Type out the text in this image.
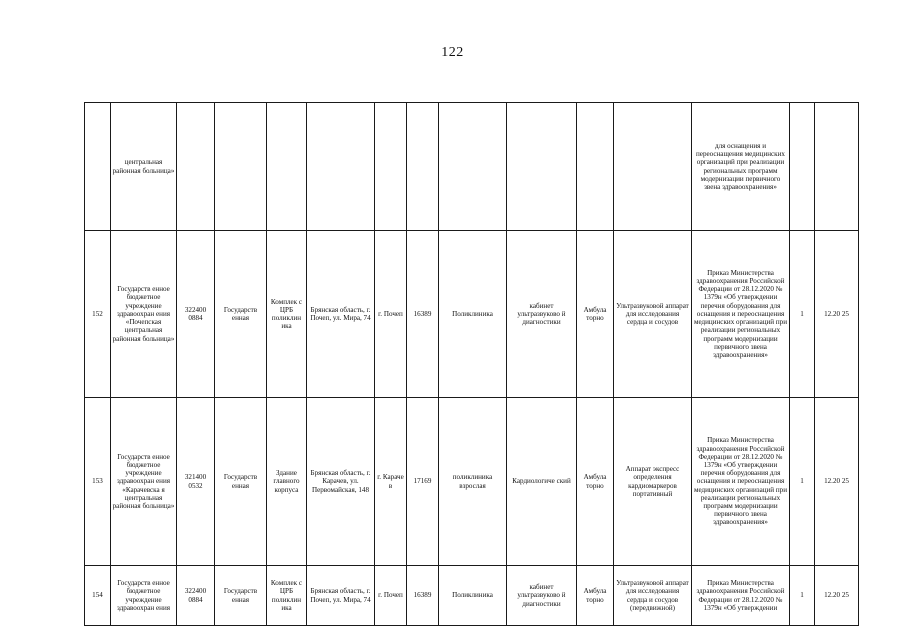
122
	центральная районная больница»											для оснащения и переоснащения медицинских организаций при реализации региональных программ модернизации первичного звена здравоохранения»		
152	Государств енное бюджетное учреждение здравоохран ения «Почепская центральная районная больница»	322400 0884	Государств енная	Комплек с ЦРБ поликлин ика	Брянская область, г. Почеп, ул. Мира, 74	г. Почеп	16389	Поликлиника	кабинет ультразвуково й диагностики	Амбула торно	Ультразвуковой аппарат для исследования сердца и сосудов	Приказ Министерства здравоохранения Российской Федерации от 28.12.2020 № 1379н «Об утверждении перечня оборудования для оснащения и переоснащения медицинских организаций при реализации региональных программ модернизации первичного звена здравоохранения»	1	12.20 25
153	Государств енное бюджетное учреждение здравоохран ения «Карачевска я центральная районная больница»	321400 0532	Государств енная	Здание главного корпуса	Брянская область, г. Карачев, ул. Первомайская, 148	г. Карачe в	17169	поликлиника взрослая	Кардиологиче ский	Амбула торно	Аппарат экспресс определения кардиомаркеров портативный	Приказ Министерства здравоохранения Российской Федерации от 28.12.2020 № 1379н «Об утверждении перечня оборудования для оснащения и переоснащения медицинских организаций при реализации региональных программ модернизации первичного звена здравоохранения»	1	12.20 25
154	Государств енное бюджетное учреждение здравоохран ения	322400 0884	Государств енная	Комплек с ЦРБ поликлин ика	Брянская область, г. Почеп, ул. Мира, 74	г. Почеп	16389	Поликлиника	кабинет ультразвуково й диагностики	Амбула торно	Ультразвуковой аппарат для исследования сердца и сосудов (передвижной)	Приказ Министерства здравоохранения Российской Федерации от 28.12.2020 № 1379н «Об утверждении	1	12.20 25
